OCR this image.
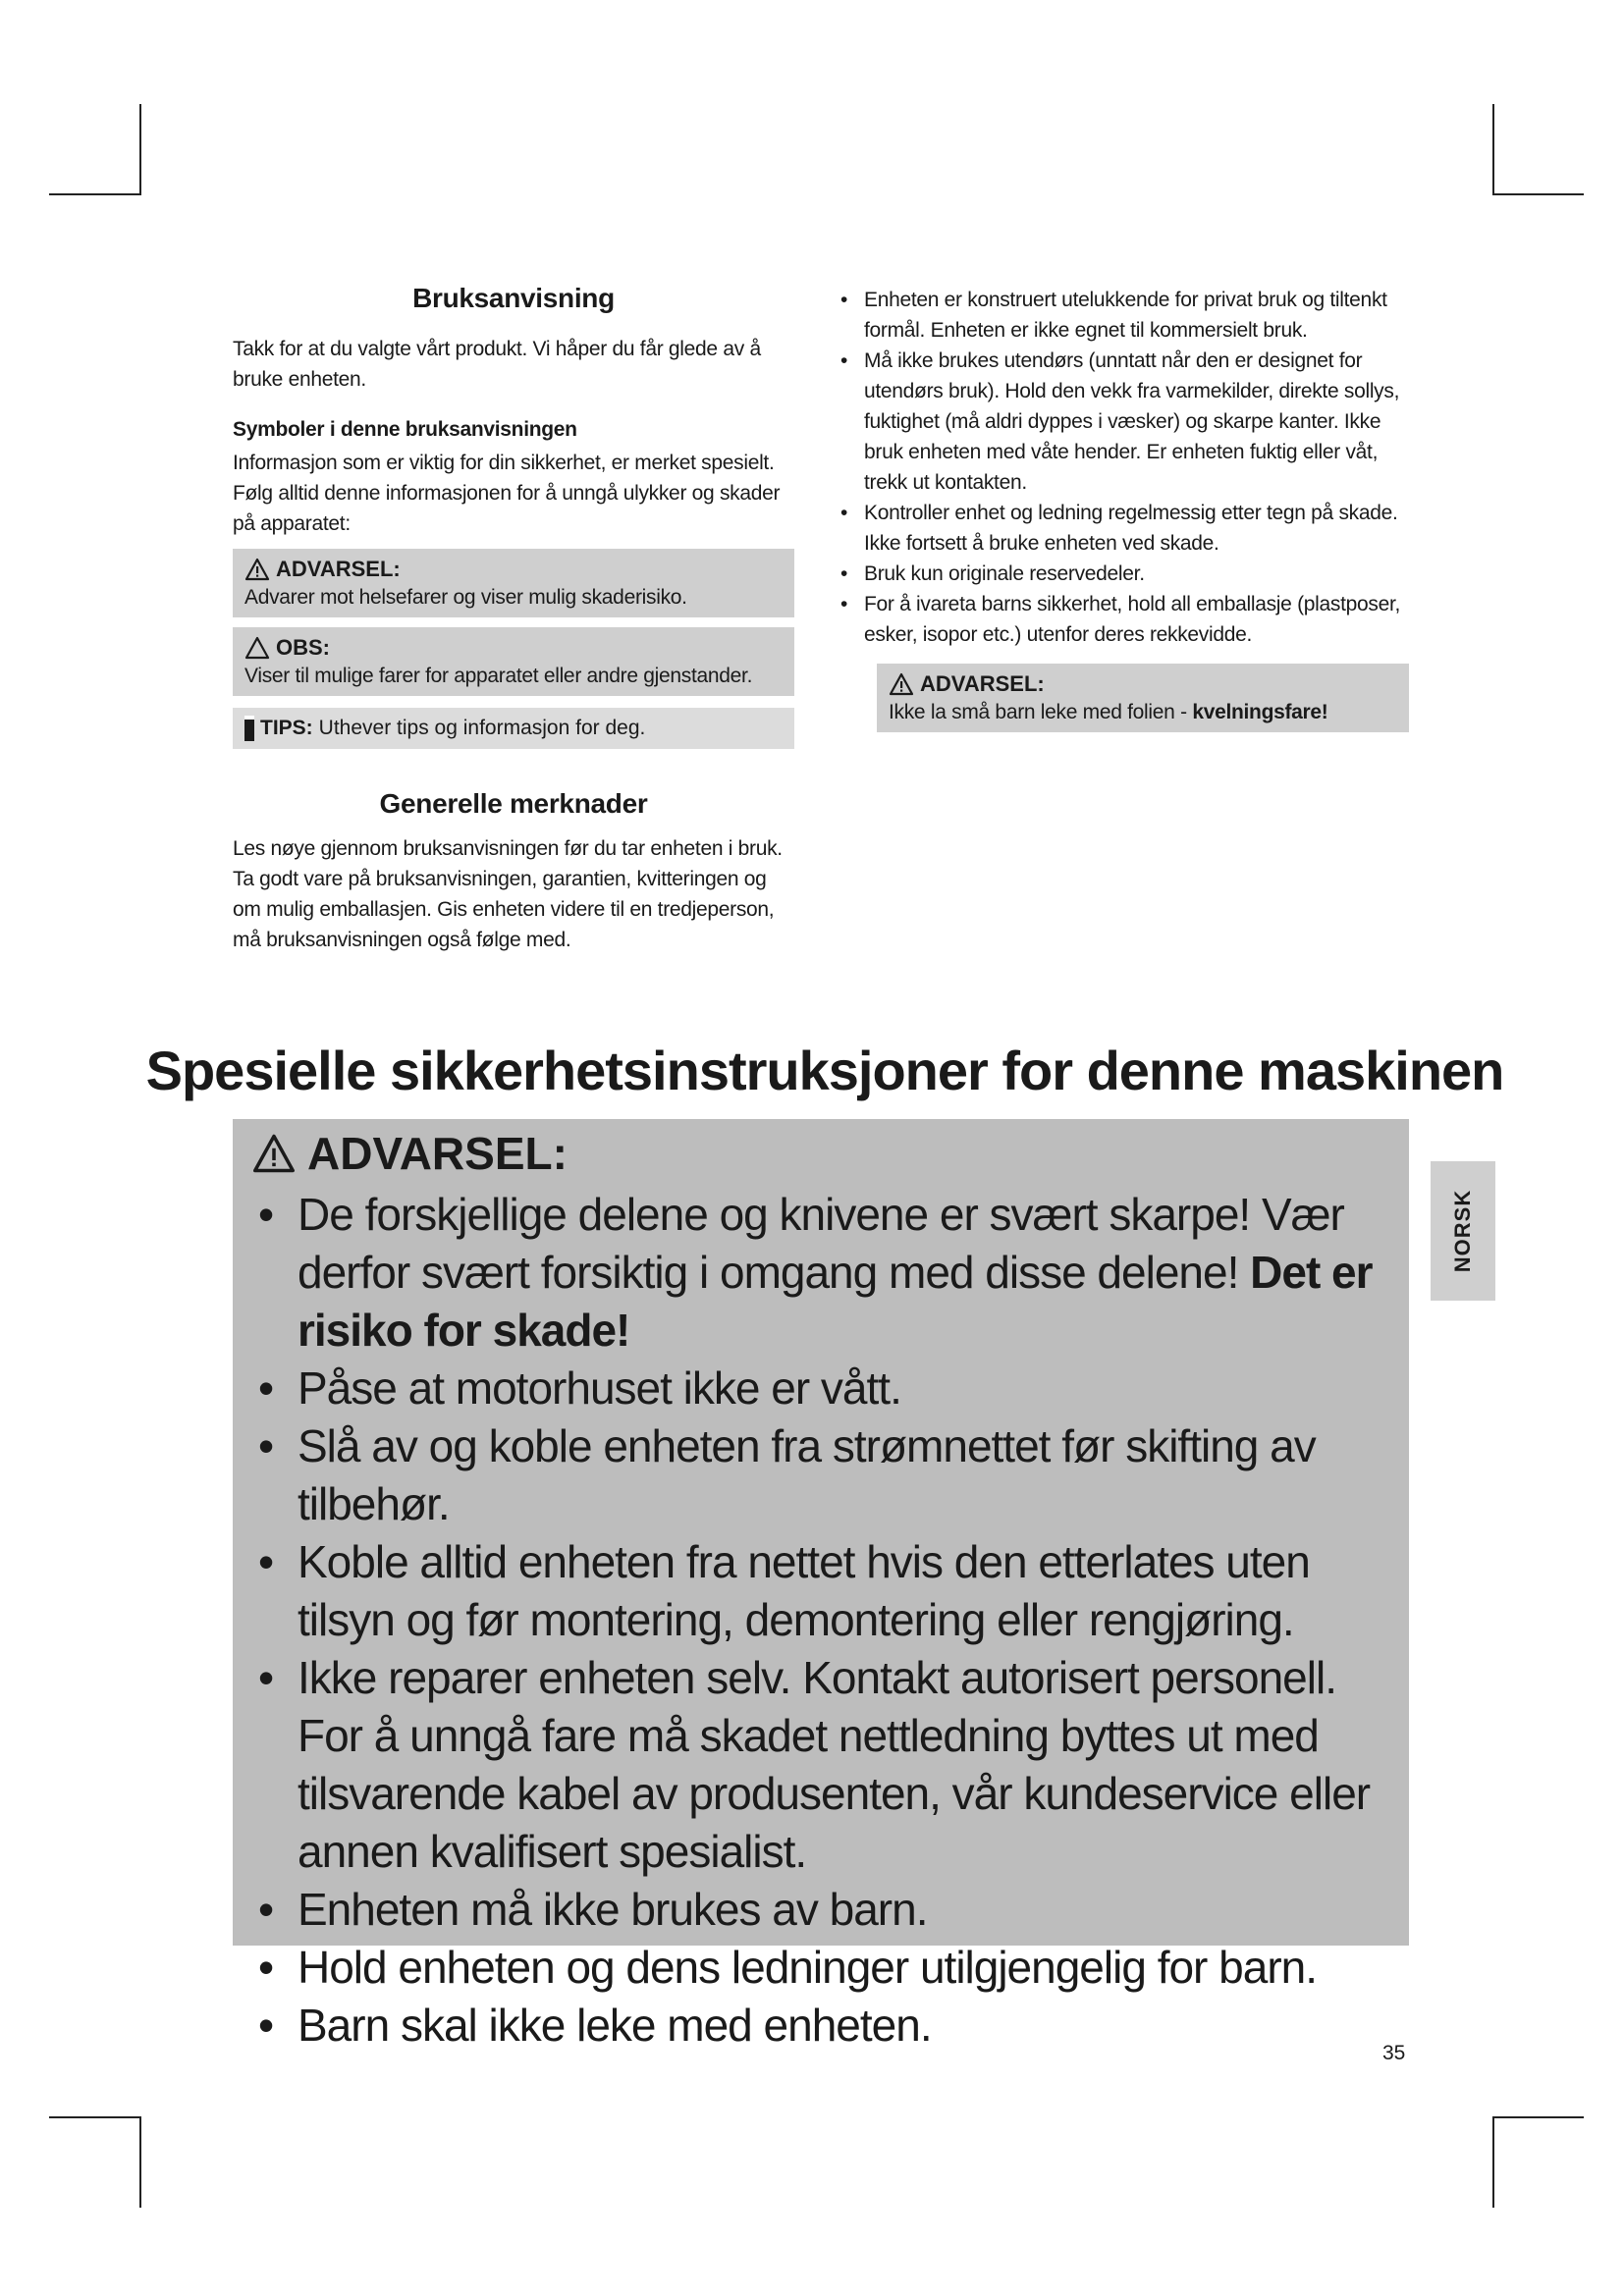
Bruksanvisning

Takk for at du valgte vårt produkt. Vi håper du får glede av å bruke enheten.

Symboler i denne bruksanvisningen

Informasjon som er viktig for din sikkerhet, er merket spesielt. Følg alltid denne informasjonen for å unngå ulykker og skader på apparatet:

ADVARSEL:
Advarer mot helsefarer og viser mulig skaderisiko.
OBS:
Viser til mulige farer for apparatet eller andre gjenstander.
TIPS: Uthever tips og informasjon for deg.
Generelle merknader

Les nøye gjennom bruksanvisningen før du tar enheten i bruk. Ta godt vare på bruksanvisningen, garantien, kvitteringen og om mulig emballasjen. Gis enheten videre til en tredjeperson, må bruksanvisningen også følge med.

• Enheten er konstruert utelukkende for privat bruk og tiltenkt formål. Enheten er ikke egnet til kommersielt bruk.
• Må ikke brukes utendørs (unntatt når den er designet for utendørs bruk). Hold den vekk fra varmekilder, direkte sollys, fuktighet (må aldri dyppes i væsker) og skarpe kanter. Ikke bruk enheten med våte hender. Er enheten fuktig eller våt, trekk ut kontakten.
• Kontroller enhet og ledning regelmessig etter tegn på skade. Ikke fortsett å bruke enheten ved skade.
• Bruk kun originale reservedeler.
• For å ivareta barns sikkerhet, hold all emballasje (plastposer, esker, isopor etc.) utenfor deres rekkevidde.
ADVARSEL:
Ikke la små barn leke med folien - kvelningsfare!
Spesielle sikkerhetsinstruksjoner for denne maskinen
ADVARSEL:
• De forskjellige delene og knivene er svært skarpe! Vær derfor svært forsiktig i omgang med disse delene! Det er risiko for skade!
• Påse at motorhuset ikke er vått.
• Slå av og koble enheten fra strømnettet før skifting av tilbehør.
• Koble alltid enheten fra nettet hvis den etterlates uten tilsyn og før montering, demontering eller rengjøring.
• Ikke reparer enheten selv. Kontakt autorisert personell. For å unngå fare må skadet nettledning byttes ut med tilsvarende kabel av produsenten, vår kundeservice eller annen kvalifisert spesialist.
• Enheten må ikke brukes av barn.
• Hold enheten og dens ledninger utilgjengelig for barn.
• Barn skal ikke leke med enheten.
NORSK
35
